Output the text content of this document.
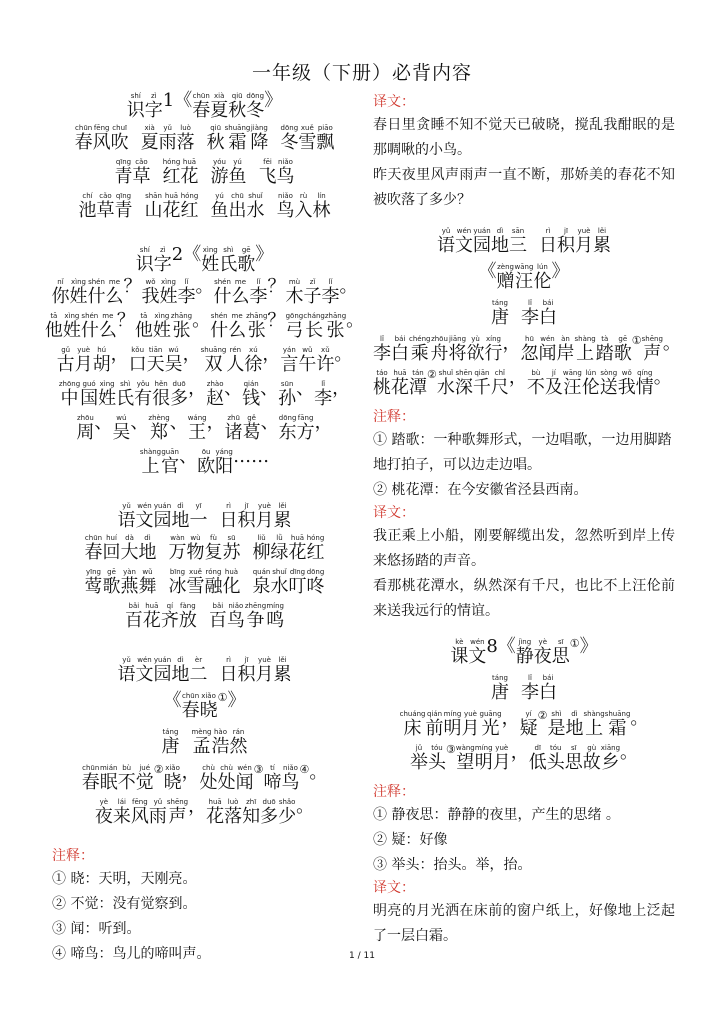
一年级（下册）必背内容
识shí
字zì 1 《 春chūn
夏xià
秋qiū
冬dōng 》
春chūn
风fēng
吹chuī
夏xià
雨yǔ
落luò
秋qiū
霜shuāng
降jiàng
冬dōng
雪xuě
飘piāo
青qīng
草cǎo
红hóng
花huā
游yóu
鱼yú
飞fēi
鸟niǎo
池chí
草cǎo
青qīng
山shān
花huā
红hóng
鱼yú
出chū
水shuǐ
鸟niǎo
入rù
林lín
识shí
字zì 2 《 姓xìng
氏shì
歌gē 》
你nǐ
姓xìng
什shén
么me ？ 我wǒ
姓xìng
李lǐ 。 什shén
么me
李lǐ ？ 木mù
子zǐ
李lǐ 。
他tā
姓xìng
什shén
么me ？ 他tā
姓xìng
张zhāng 。 什shén
么me
张zhāng ？ 弓gōng
长cháng
张zhāng 。
古gǔ
月yuè
胡hú ， 口kǒu
天tiān
吴wú ， 双shuāng
人rén
徐xú ， 言yán
午wǔ
许xǔ 。
中zhōng
国guó
姓xìng
氏shì
有yǒu
很hěn
多duō ， 赵zhào 、 钱qián 、 孙sūn 、 李lǐ ，
周zhōu 、 吴wú 、 郑zhèng 、 王wáng ， 诸zhū
葛gě 、 东dōng
方fāng ，
上shàng
官guān 、 欧ōu
阳yáng ……
语yǔ
文wén
园yuán
地dì
一yī
日rì
积jī
月yuè
累lěi
春chūn
回huí
大dà
地dì
万wàn
物wù
复fù
苏sū
柳liǔ
绿lǜ
花huā
红hóng
莺yīng
歌gē
燕yàn
舞wǔ
冰bīng
雪xuě
融róng
化huà
泉quán
水shuǐ
叮dīng
咚dōng
百bǎi
花huā
齐qí
放fàng
百bǎi
鸟niǎo
争zhēng
鸣míng
语yǔ
文wén
园yuán
地dì
二èr
日rì
积jī
月yuè
累lěi
《 春chūn
晓xiǎo ① 》
唐táng
孟mèng
浩hào
然rán
春chūn
眠mián
不bù
觉jué ②
晓xiǎo ， 处chù
处chù
闻wén ③
啼tí
鸟niǎo ④ 。
夜yè
来lái
风fēng
雨yǔ
声shēng ， 花huā
落luò
知zhī
多duō
少shǎo 。
注释：
① 晓：天明，天刚亮。
② 不觉：没有觉察到。
③ 闻：听到。
④ 啼鸟：鸟儿的啼叫声。
译文：
春日里贪睡不知不觉天已破晓，搅乱我酣眠的是那啁啾的小鸟。
昨天夜里风声雨声一直不断，那娇美的春花不知被吹落了多少？
语yǔ
文wén
园yuán
地dì
三sān
日rì
积jī
月yuè
累lěi
《 赠zèng
汪wāng
伦lún 》
唐táng
李lǐ
白bái
李lǐ
白bái
乘chéng
舟zhōu
将jiāng
欲yù
行xíng ， 忽hū
闻wén
岸àn
上shàng
踏tà
歌gē ①
声shēng 。
桃táo
花huā
潭tán ②
水shuǐ
深shēn
千qiān
尺chǐ ， 不bù
及jí
汪wāng
伦lún
送sòng
我wǒ
情qíng 。
注释：
① 踏歌：一种歌舞形式，一边唱歌，一边用脚踏地打拍子，可以边走边唱。
② 桃花潭：在今安徽省泾县西南。
译文：
我正乘上小船，刚要解缆出发，忽然听到岸上传来悠扬踏的声音。
看那桃花潭水，纵然深有千尺，也比不上汪伦前来送我远行的情谊。
课kè
文wén 8 《 静jìng
夜yè
思sī ① 》
唐táng
李lǐ
白bái
床chuáng
前qián
明míng
月yuè
光guāng ， 疑yí ②
是shì
地dì
上shàng
霜shuāng 。
举jǔ
头tóu ③
望wàng
明míng
月yuè ， 低dī
头tóu
思sī
故gù
乡xiāng 。
注释：
① 静夜思：静静的夜里，产生的思绪 。
② 疑：好像
③ 举头：抬头。举，抬。
译文：
明亮的月光洒在床前的窗户纸上，好像地上泛起了一层白霜。
1 / 11
